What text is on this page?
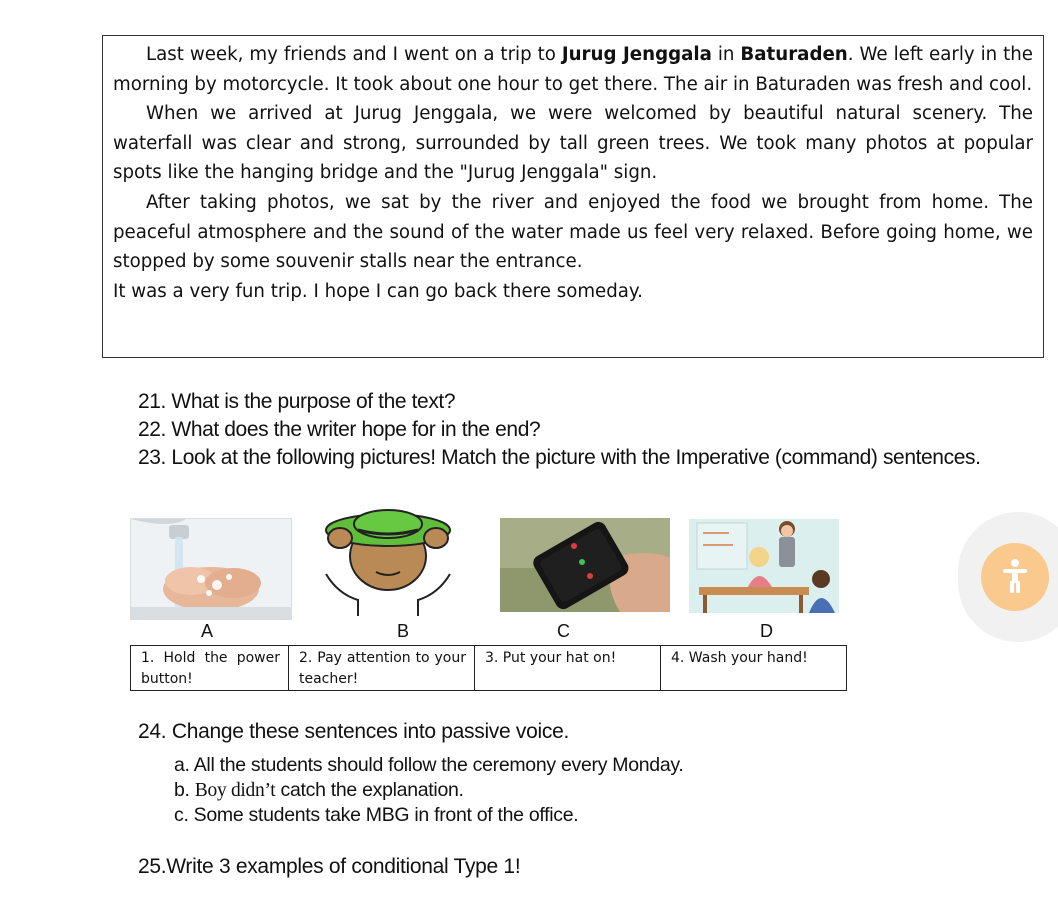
Last week, my friends and I went on a trip to Jurug Jenggala in Baturaden. We left early in the morning by motorcycle. It took about one hour to get there. The air in Baturaden was fresh and cool.

When we arrived at Jurug Jenggala, we were welcomed by beautiful natural scenery. The waterfall was clear and strong, surrounded by tall green trees. We took many photos at popular spots like the hanging bridge and the "Jurug Jenggala" sign.

After taking photos, we sat by the river and enjoyed the food we brought from home. The peaceful atmosphere and the sound of the water made us feel very relaxed. Before going home, we stopped by some souvenir stalls near the entrance.

It was a very fun trip. I hope I can go back there someday.

21. What is the purpose of the text?
22. What does the writer hope for in the end?
23. Look at the following pictures! Match the picture with the Imperative (command) sentences.
A	B	C	D
1. Hold the power button!	2. Pay attention to your teacher!	3. Put your hat on!	4. Wash your hand!
24. Change these sentences into passive voice.
a. All the students should follow the ceremony every Monday.
b. Boy didn’t catch the explanation.
c. Some students take MBG in front of the office.
25.Write 3 examples of conditional Type 1!
